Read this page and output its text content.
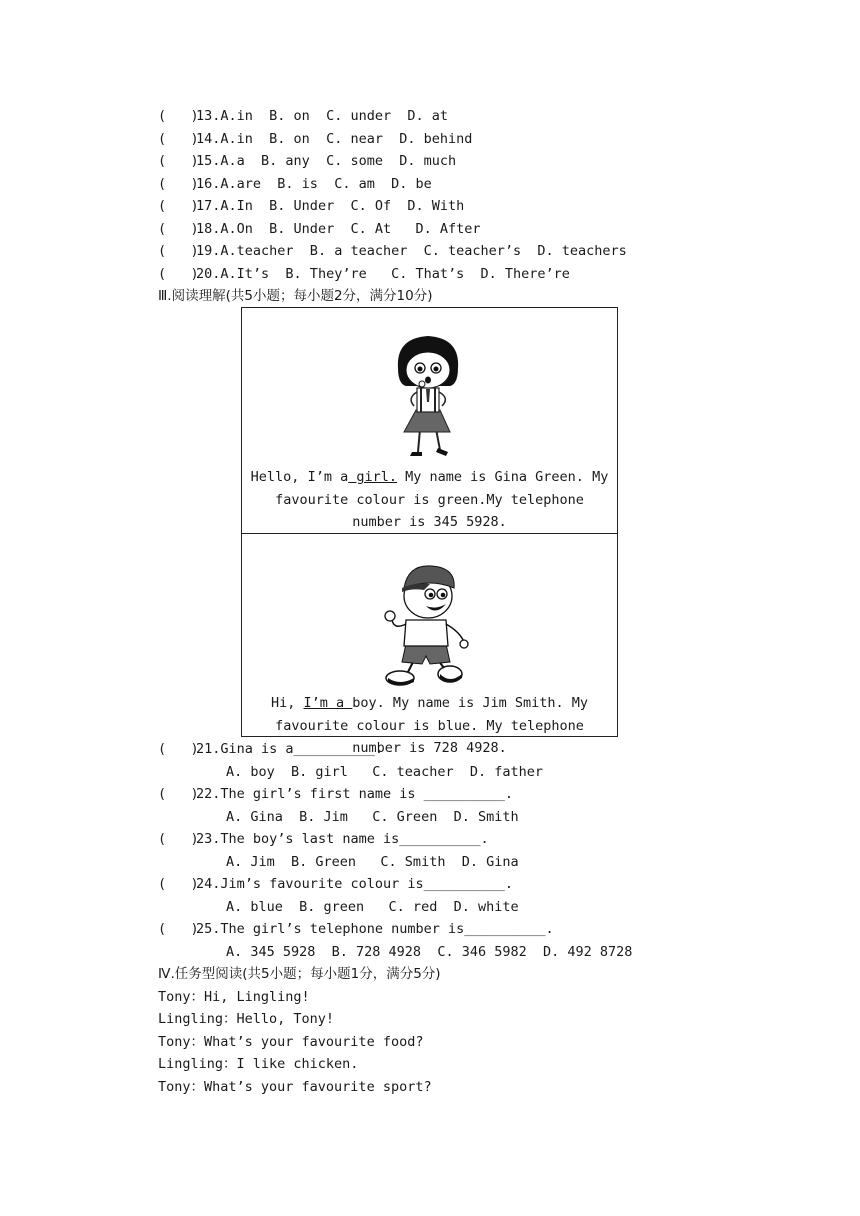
(   )13.A.in  B. on  C. under  D. at
(   )14.A.in  B. on  C. near  D. behind
(   )15.A.a  B. any  C. some  D. much
(   )16.A.are  B. is  C. am  D. be
(   )17.A.In  B. Under  C. Of  D. With
(   )18.A.On  B. Under  C. At   D. After
(   )19.A.teacher  B. a teacher  C. teacher’s  D. teachers
(   )20.A.It’s  B. They’re   C. That’s  D. There’re
Ⅲ.阅读理解(共5小题；每小题2分，满分10分)
Hello, I’m a girl. My name is Gina Green. My favourite colour is green.My telephone number is 345 5928.
Hi, I’m a boy. My name is Jim Smith. My favourite colour is blue. My telephone number is 728 4928.
(   )21.Gina is a__________.
A. boy  B. girl   C. teacher  D. father
(   )22.The girl’s first name is __________.
A. Gina  B. Jim   C. Green  D. Smith
(   )23.The boy’s last name is__________.
A. Jim  B. Green   C. Smith  D. Gina
(   )24.Jim’s favourite colour is__________.
A. blue  B. green   C. red  D. white
(   )25.The girl’s telephone number is__________.
A. 345 5928  B. 728 4928  C. 346 5982  D. 492 8728
Ⅳ.任务型阅读(共5小题；每小题1分，满分5分)
Tony：Hi, Lingling!
Lingling：Hello, Tony!
Tony：What’s your favourite food?
Lingling：I like chicken.
Tony：What’s your favourite sport?
